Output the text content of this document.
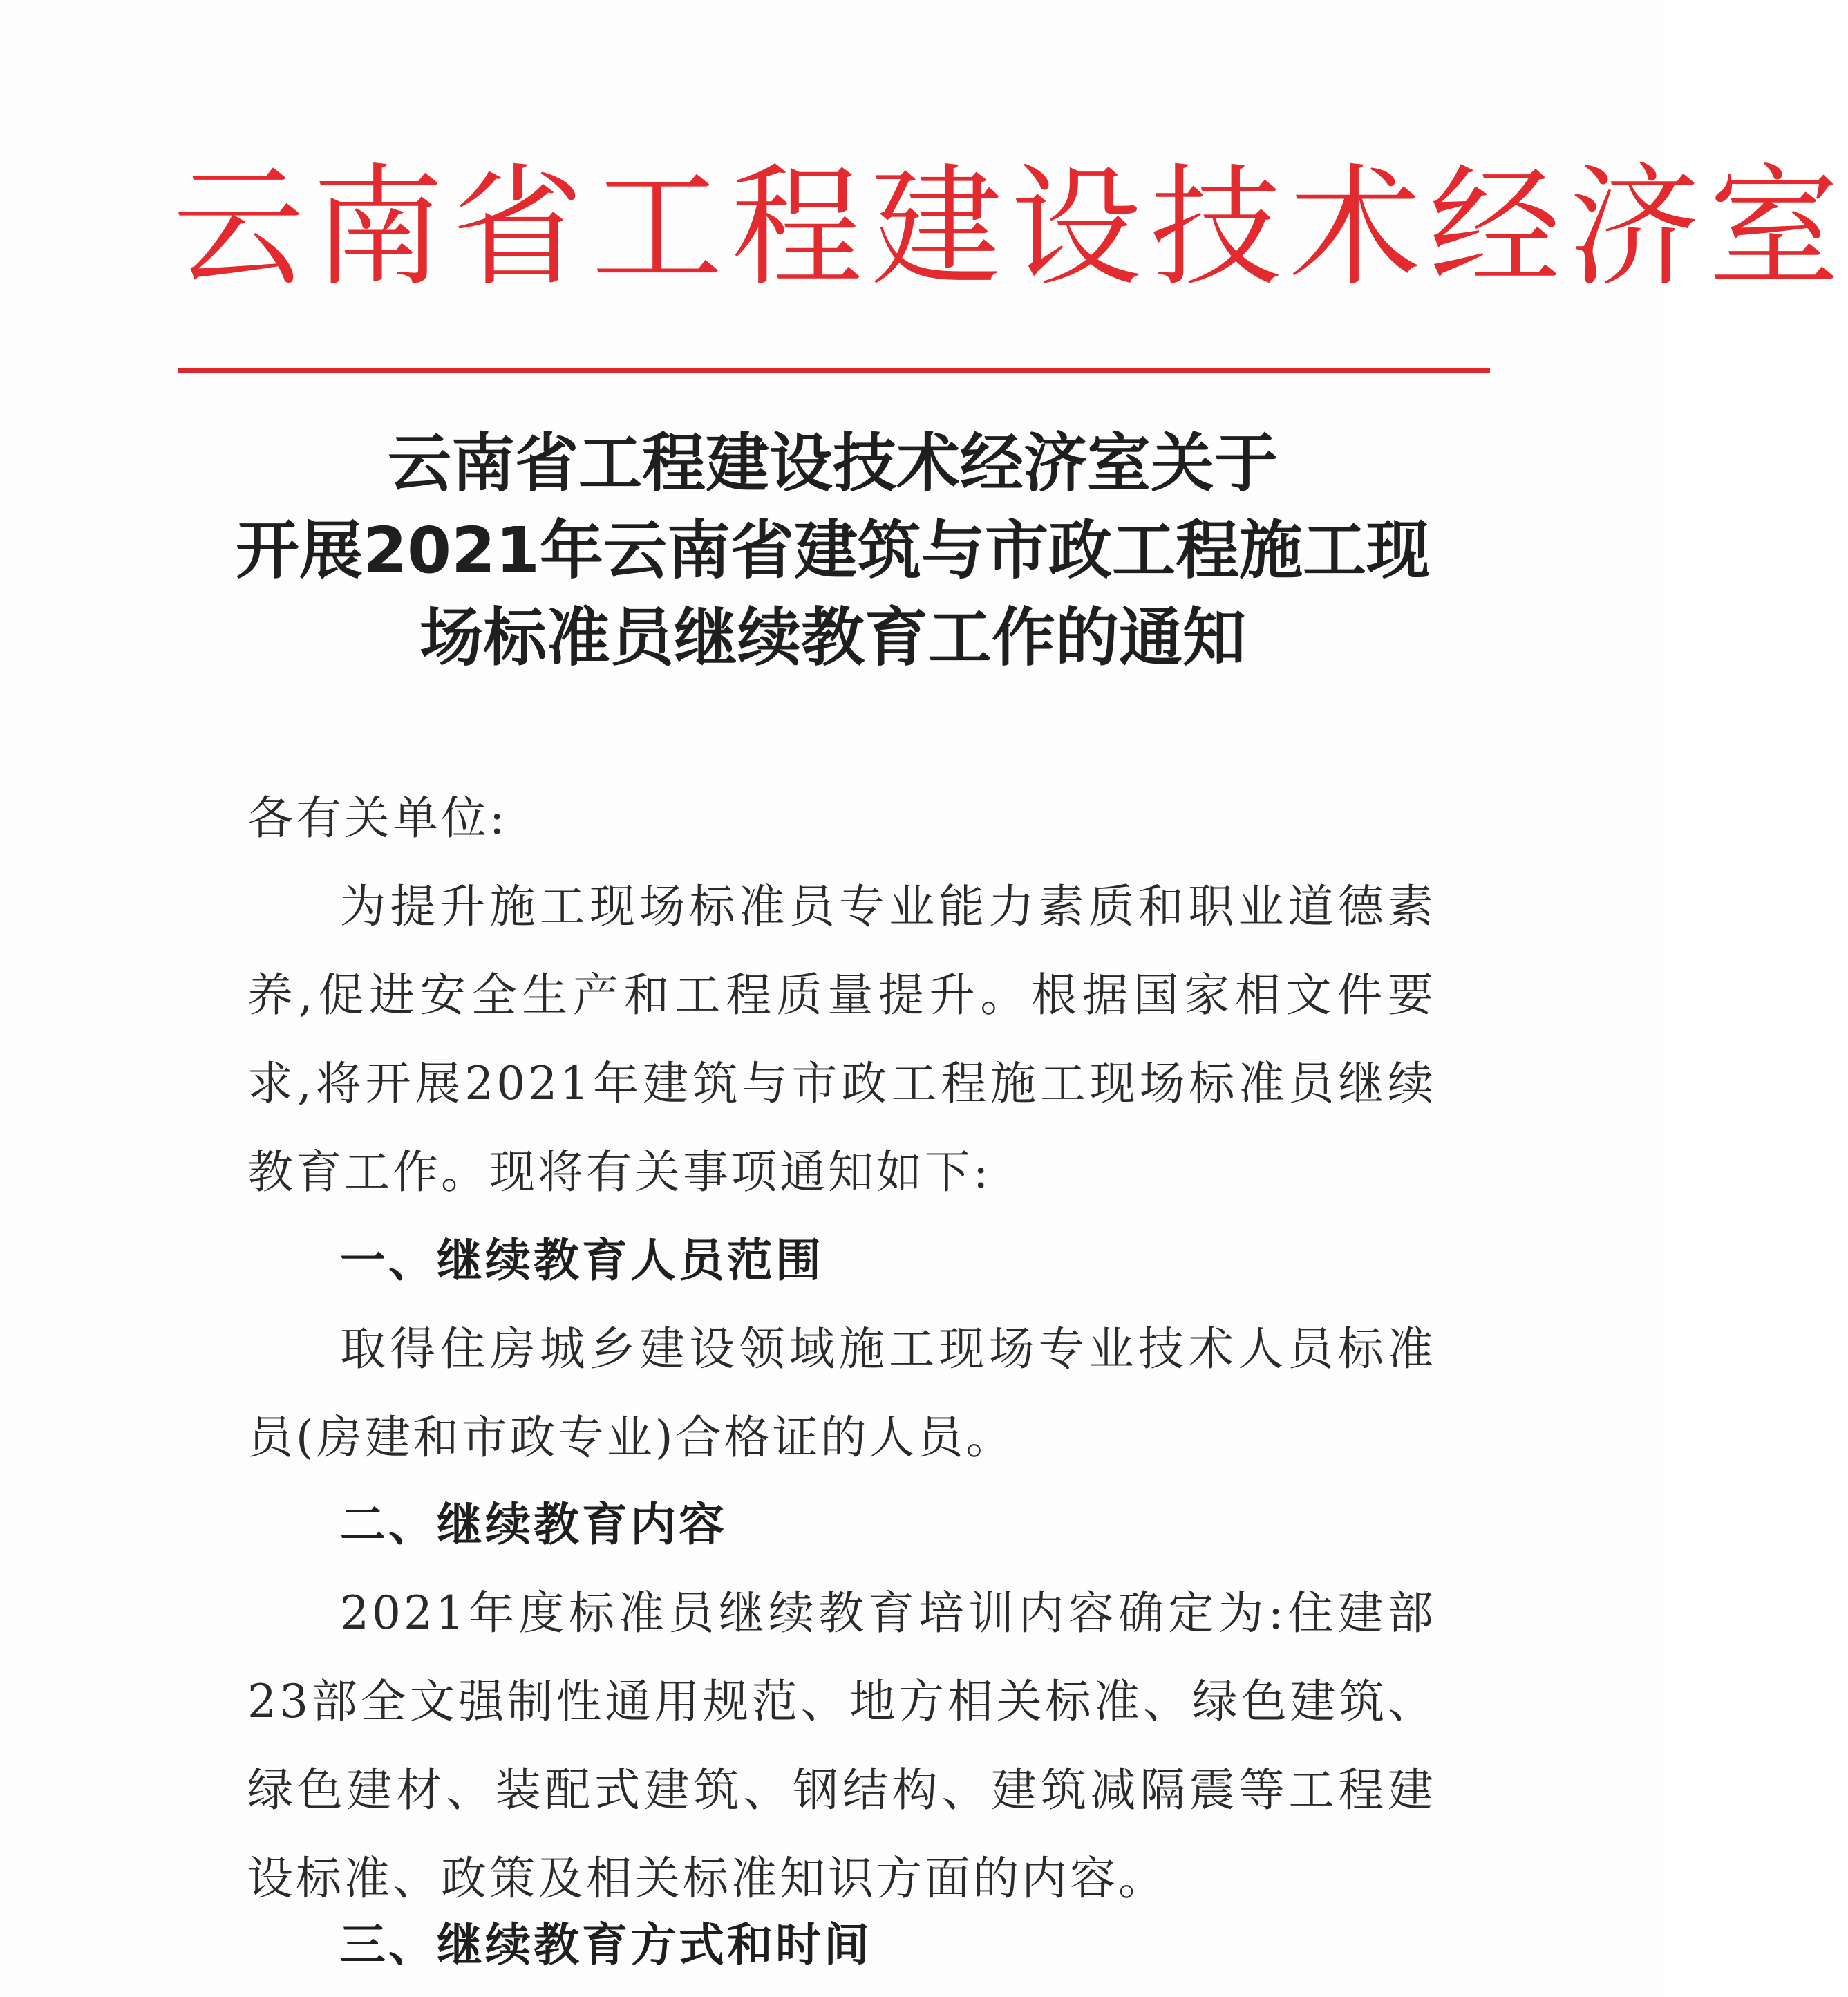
云南省工程建设技术经济室
云南省工程建设技术经济室关于
开展2021年云南省建筑与市政工程施工现
场标准员继续教育工作的通知
各有关单位:
为提升施工现场标准员专业能力素质和职业道德素养,促进安全生产和工程质量提升。根据国家相文件要求,将开展2021年建筑与市政工程施工现场标准员继续教育工作。现将有关事项通知如下:
一、继续教育人员范围
取得住房城乡建设领域施工现场专业技术人员标准员(房建和市政专业)合格证的人员。
二、继续教育内容
2021年度标准员继续教育培训内容确定为:住建部23部全文强制性通用规范、地方相关标准、绿色建筑、绿色建材、装配式建筑、钢结构、建筑减隔震等工程建设标准、政策及相关标准知识方面的内容。
三、继续教育方式和时间
